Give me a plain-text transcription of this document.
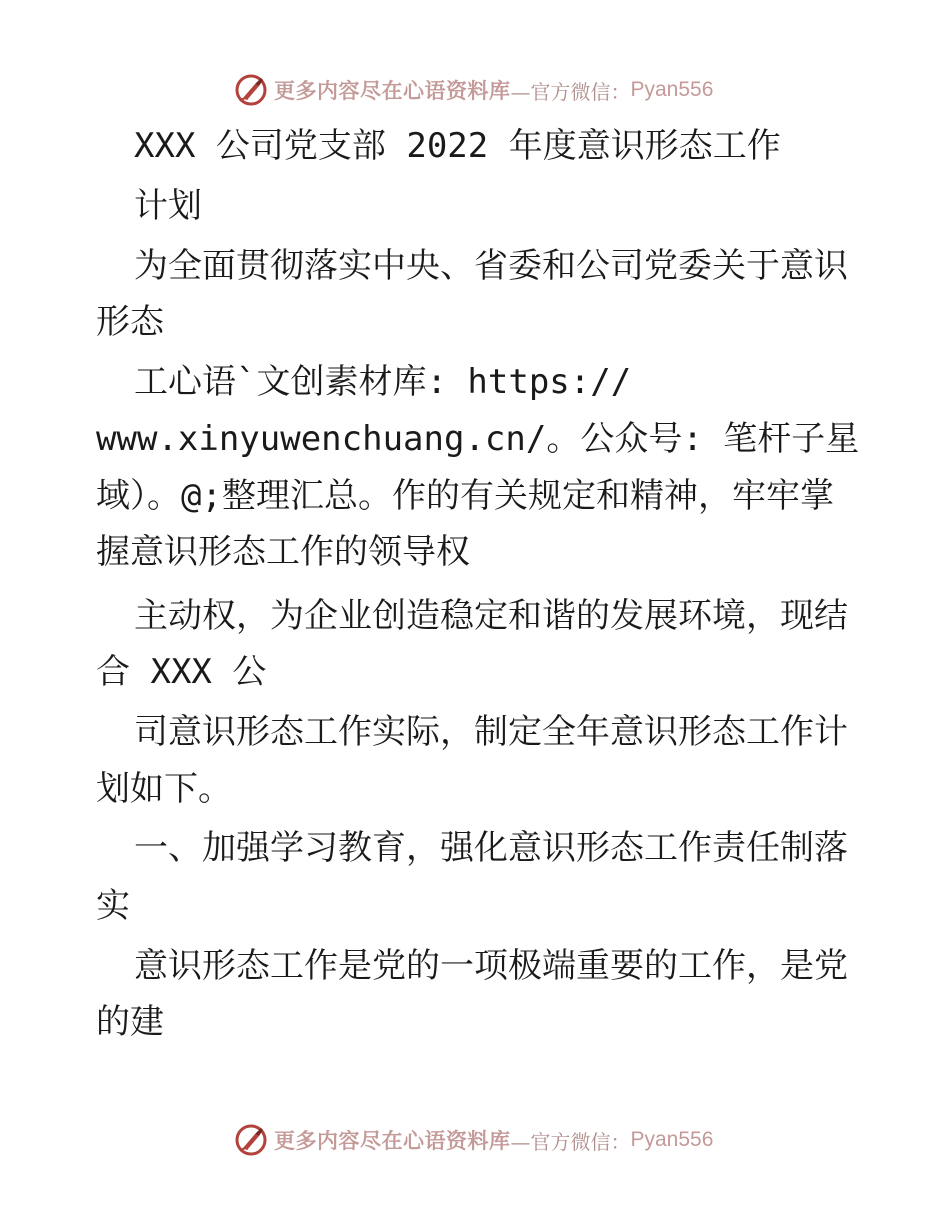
更多内容尽在心语资料库 —官方微信： Pyan556
XXX 公司党支部 2022 年度意识形态工作
计划
为全面贯彻落实中央、省委和公司党委关于意识
形态
工心语`文创素材库: https://
www.xinyuwenchuang.cn/。公众号: 笔杆子星
域）。@;整理汇总。作的有关规定和精神，牢牢掌
握意识形态工作的领导权
主动权，为企业创造稳定和谐的发展环境，现结
合 XXX 公
司意识形态工作实际，制定全年意识形态工作计
划如下。
一、加强学习教育，强化意识形态工作责任制落
实
意识形态工作是党的一项极端重要的工作，是党
的建
更多内容尽在心语资料库 —官方微信： Pyan556
